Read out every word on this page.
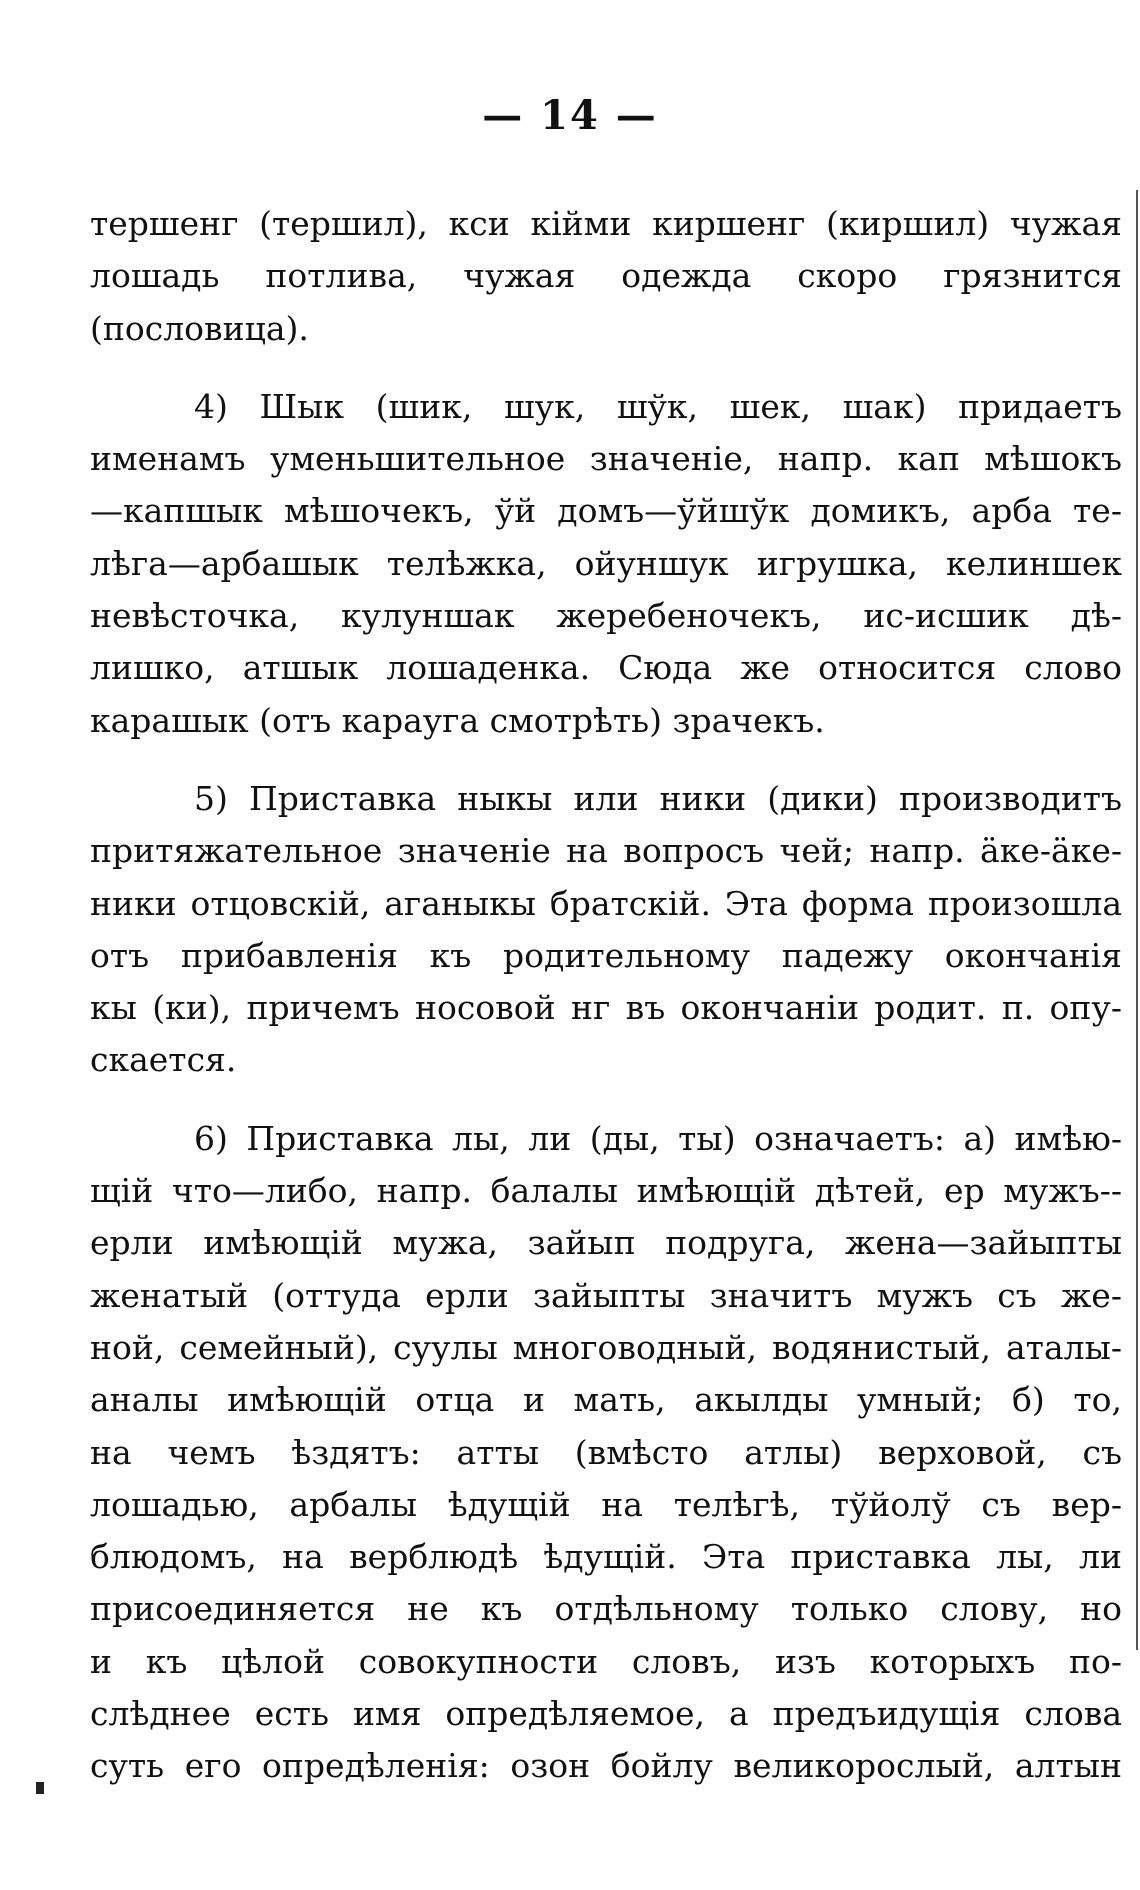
— 14 —
тершенг (тершил), кси кійми киршенг (киршил) чужая
лошадь потлива, чужая одежда скоро грязнится
(пословица).
4) Шык (шик, шук, шўк, шек, шак) придаетъ
именамъ уменьшительное значеніе, напр. кап мѣшокъ
—капшык мѣшочекъ, ўй домъ—ўйшўк домикъ, арба те-
лѣга—арбашык телѣжка, ойуншук игрушка, келиншек
невѣсточка, кулуншак жеребеночекъ, ис-исшик дѣ-
лишко, атшык лошаденка. Сюда же относится слово
карашык (отъ карауга смотрѣть) зрачекъ.
5) Приставка ныкы или ники (дики) производитъ
притяжательное значеніе на вопросъ чей; напр. äке-äке-
ники отцовскій, аганыкы братскій. Эта форма произошла
отъ прибавленія къ родительному падежу окончанія
кы (ки), причемъ носовой нг въ окончаніи родит. п. опу-
скается.
6) Приставка лы, ли (ды, ты) означаетъ: а) имѣю-
щій что—либо, напр. балалы имѣющій дѣтей, ер мужъ--
ерли имѣющій мужа, зайып подруга, жена—зайыпты
женатый (оттуда ерли зайыпты значитъ мужъ съ же-
ной, семейный), суулы многоводный, водянистый, аталы-
аналы имѣющій отца и мать, акылды умный; б) то,
на чемъ ѣздятъ: атты (вмѣсто атлы) верховой, съ
лошадью, арбалы ѣдущій на телѣгѣ, тўйолў съ вер-
блюдомъ, на верблюдѣ ѣдущій. Эта приставка лы, ли
присоединяется не къ отдѣльному только слову, но
и къ цѣлой совокупности словъ, изъ которыхъ по-
слѣднее есть имя опредѣляемое, а предъидущія слова
суть его опредѣленія: озон бойлу великорослый, алтын
